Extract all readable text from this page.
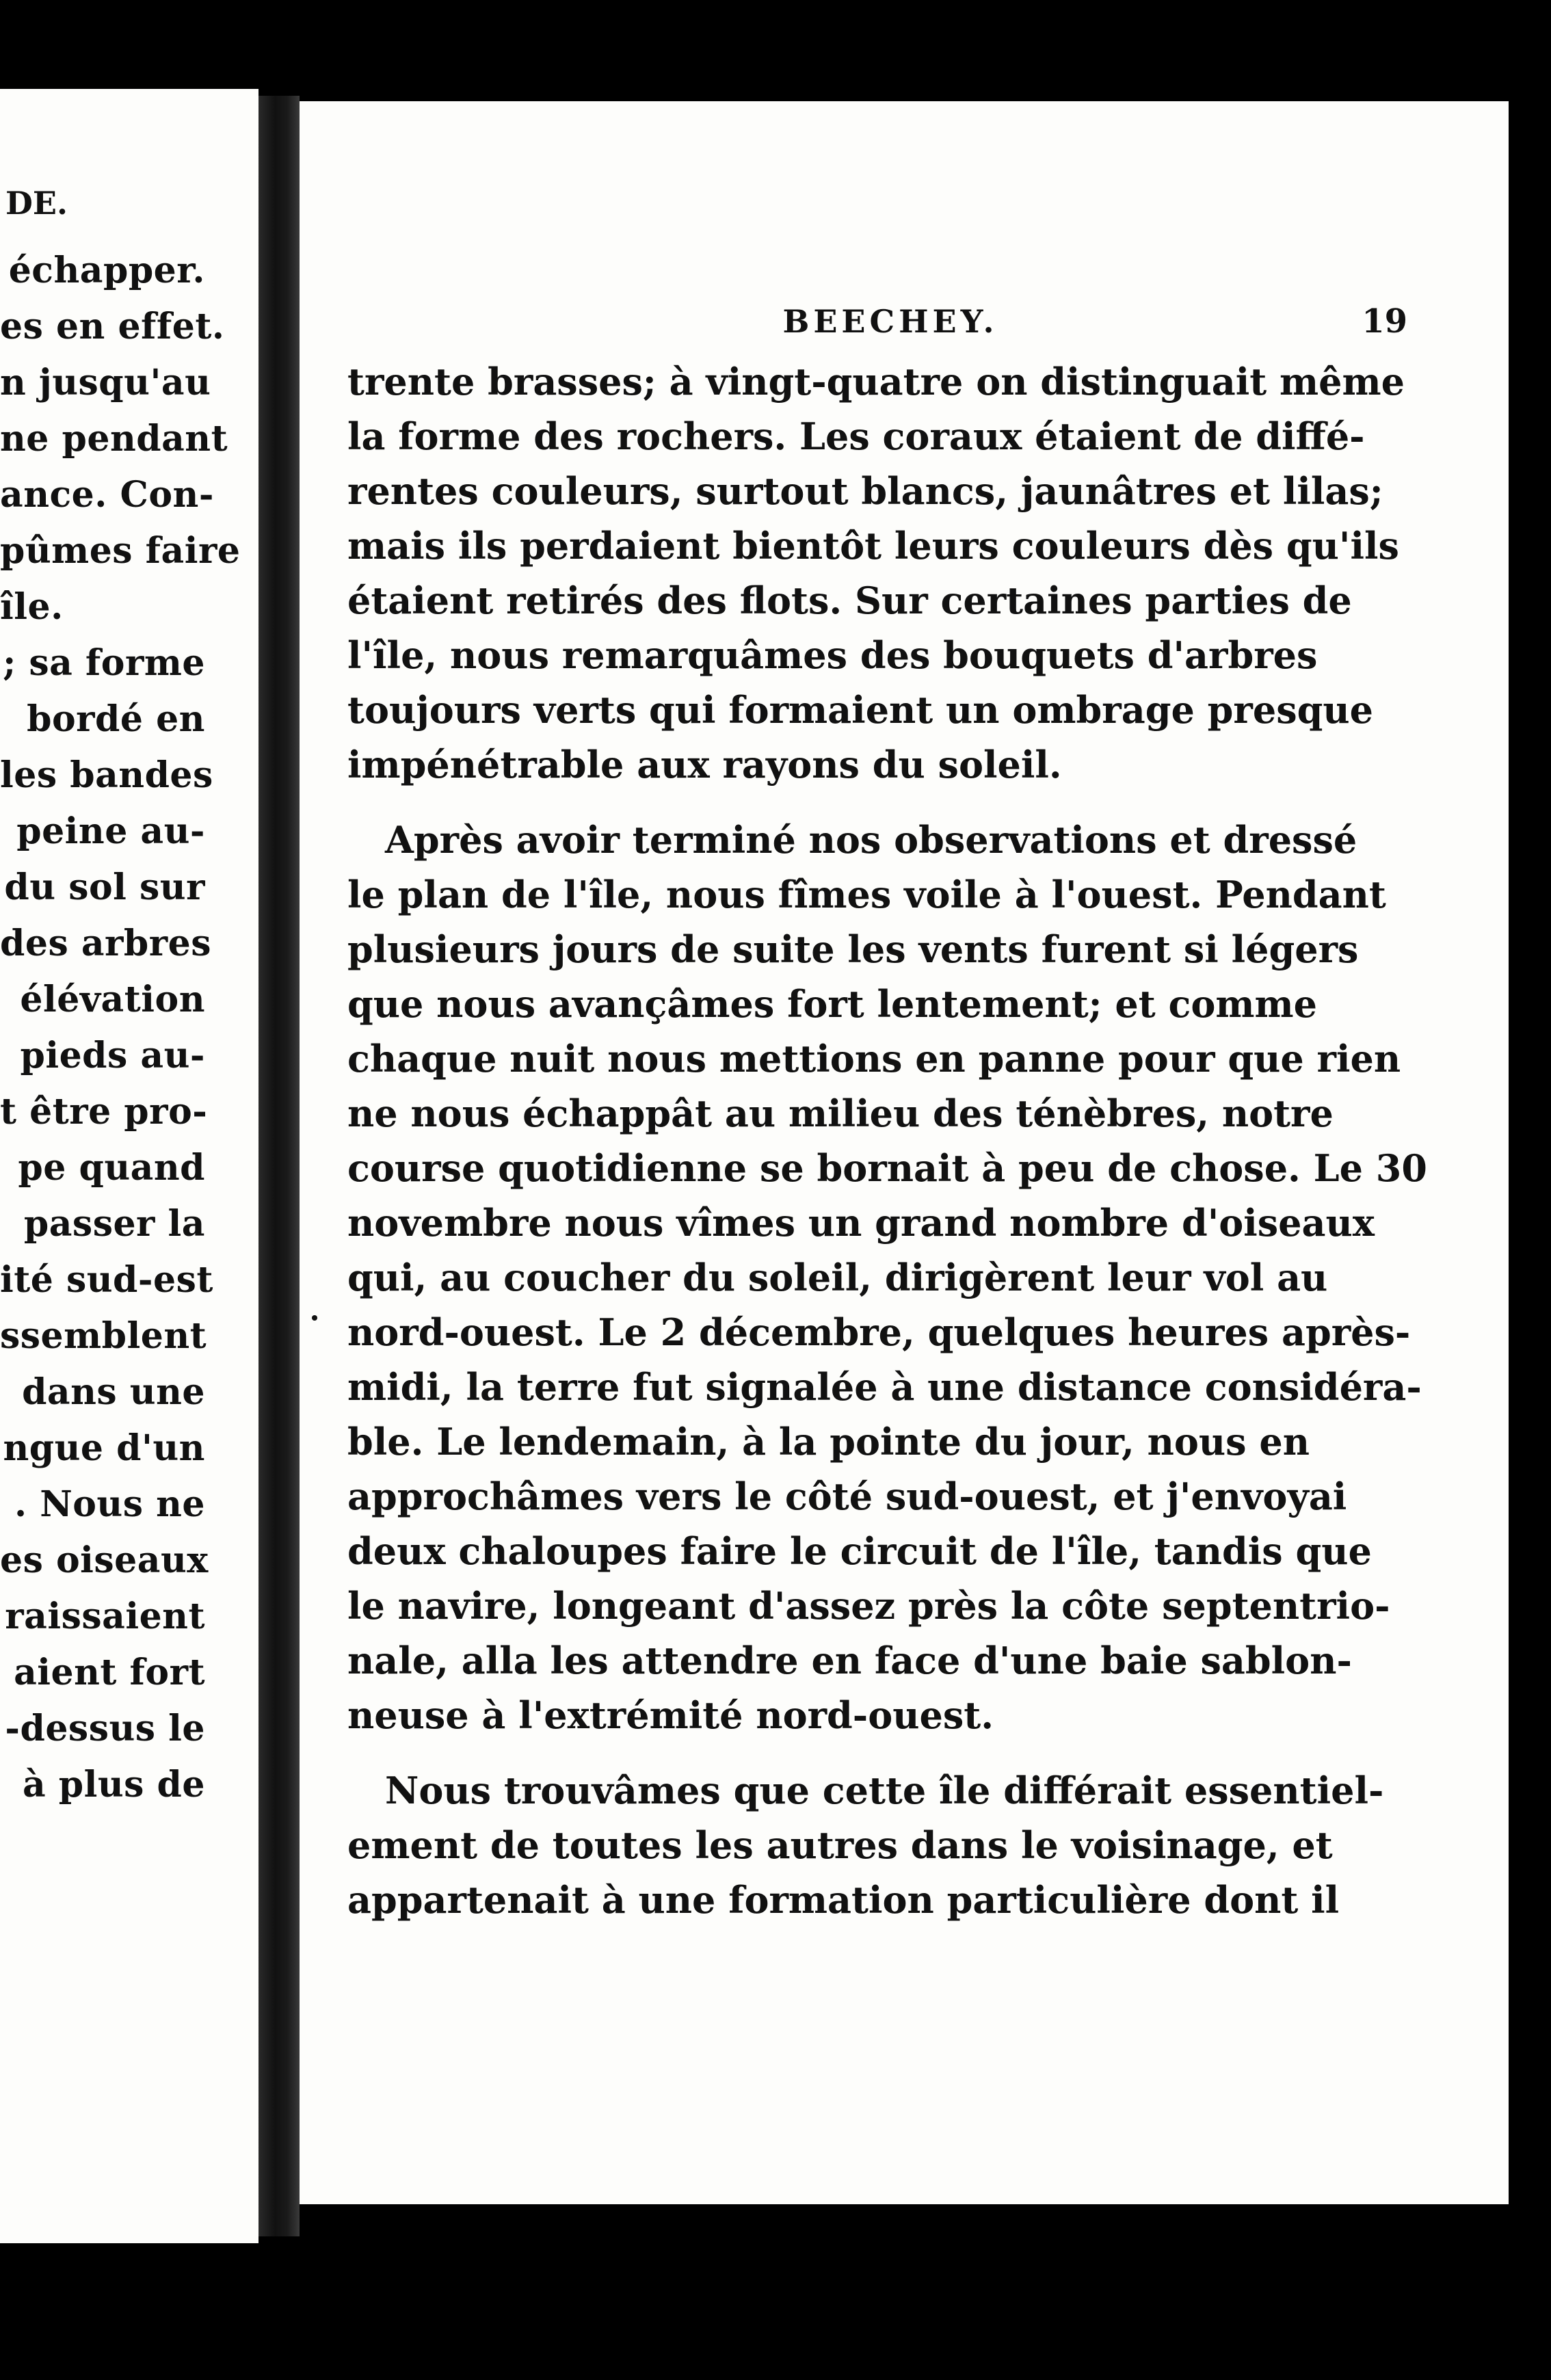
DE.
échapper.
es en effet.
n jusqu'au
ne pendant
ance. Con-
pûmes faire
île.
; sa forme
bordé en
les bandes
peine au-
du sol sur
des arbres
élévation
pieds au-
t être pro-
pe quand
passer la
ité sud-est
ssemblent
dans une
ngue d'un
. Nous ne
es oiseaux
raissaient
aient fort
-dessus le
à plus de
BEECHEY.	19
trente brasses; à vingt-quatre on distinguait même
la forme des rochers. Les coraux étaient de diffé-
rentes couleurs, surtout blancs, jaunâtres et lilas;
mais ils perdaient bientôt leurs couleurs dès qu'ils
étaient retirés des flots. Sur certaines parties de
l'île, nous remarquâmes des bouquets d'arbres
toujours verts qui formaient un ombrage presque
impénétrable aux rayons du soleil.
Après avoir terminé nos observations et dressé
le plan de l'île, nous fîmes voile à l'ouest. Pendant
plusieurs jours de suite les vents furent si légers
que nous avançâmes fort lentement; et comme
chaque nuit nous mettions en panne pour que rien
ne nous échappât au milieu des ténèbres, notre
course quotidienne se bornait à peu de chose. Le 30
novembre nous vîmes un grand nombre d'oiseaux
qui, au coucher du soleil, dirigèrent leur vol au
nord-ouest. Le 2 décembre, quelques heures après-
midi, la terre fut signalée à une distance considéra-
ble. Le lendemain, à la pointe du jour, nous en
approchâmes vers le côté sud-ouest, et j'envoyai
deux chaloupes faire le circuit de l'île, tandis que
le navire, longeant d'assez près la côte septentrio-
nale, alla les attendre en face d'une baie sablon-
neuse à l'extrémité nord-ouest.
Nous trouvâmes que cette île différait essentiel-
ement de toutes les autres dans le voisinage, et
appartenait à une formation particulière dont il
